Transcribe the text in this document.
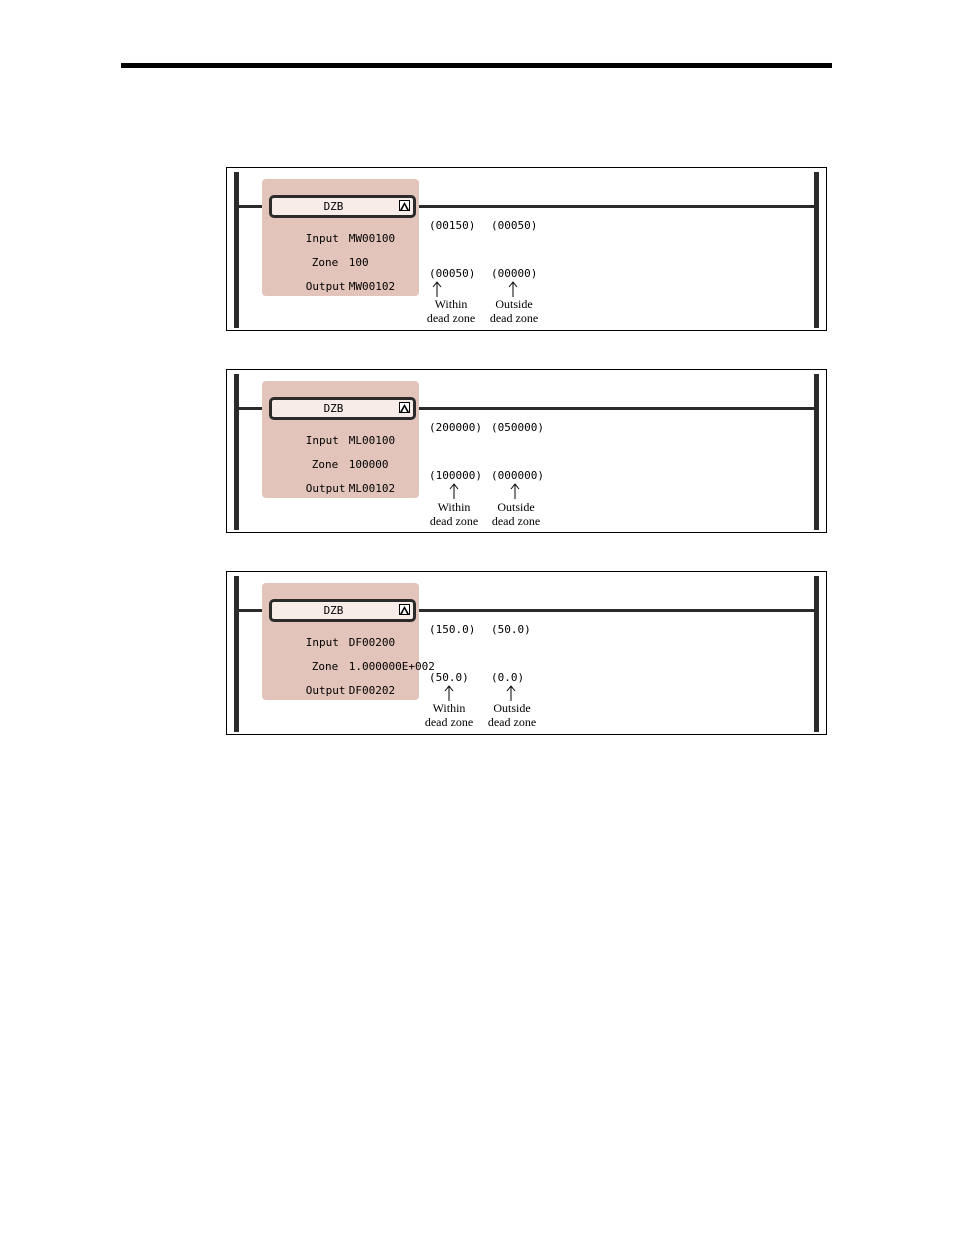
DZB

Input MW00100

Zone 100

Output MW00102

(00150) (00050)
(00050) (00000)
Within
dead zone
Outside
dead zone
DZB

Input ML00100

Zone 100000

Output ML00102

(200000) (050000)
(100000) (000000)
Within
dead zone
Outside
dead zone
DZB

Input DF00200

Zone 1.000000E+002

Output DF00202

(150.0) (50.0)
(50.0) (0.0)
Within
dead zone
Outside
dead zone
